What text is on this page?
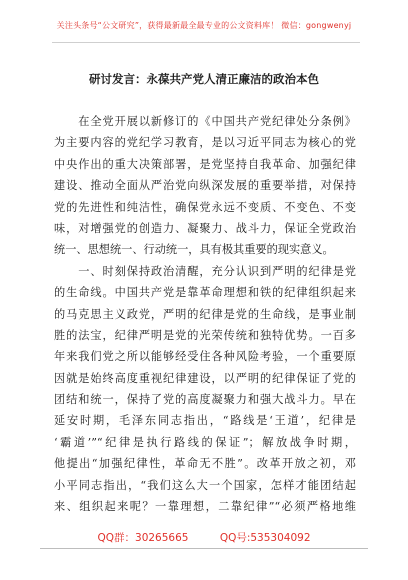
关注头条号“公文研究”，获得最新最全最专业的公文资料库！ 微信：gongwenyj
研讨发言：永葆共产党人清正廉洁的政治本色
　　在全党开展以新修订的《中国共产党纪律处分条例》
为主要内容的党纪学习教育，是以习近平同志为核心的党
中央作出的重大决策部署，是党坚持自我革命、加强纪律
建设、推动全面从严治党向纵深发展的重要举措，对保持
党的先进性和纯洁性，确保党永远不变质、不变色、不变
味，对增强党的创造力、凝聚力、战斗力，保证全党政治
统一、思想统一、行动统一，具有极其重要的现实意义。
　　一、时刻保持政治清醒，充分认识到严明的纪律是党
的生命线。中国共产党是靠革命理想和铁的纪律组织起来
的马克思主义政党，严明的纪律是党的生命线，是事业制
胜的法宝，纪律严明是党的光荣传统和独特优势。一百多
年来我们党之所以能够经受住各种风险考验，一个重要原
因就是始终高度重视纪律建设，以严明的纪律保证了党的
团结和统一，保持了党的高度凝聚力和强大战斗力。早在
延安时期，毛泽东同志指出，“路线是‘王道’，纪律是
‘霸道’”“纪律是执行路线的保证”；解放战争时期，
他提出“加强纪律性，革命无不胜”。改革开放之初，邓
小平同志指出，“我们这么大一个国家，怎样才能团结起
来、组织起来呢？一靠理想，二靠纪律”“必须严格地维
QQ群：30265665	QQ号:535304092
